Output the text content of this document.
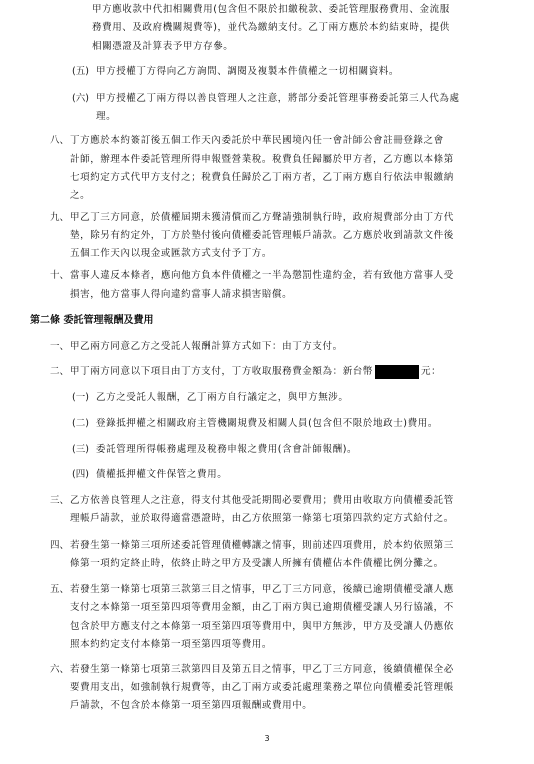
甲方應收款中代扣相關費用(包含但不限於扣繳稅款、委託管理服務費用、金流服
務費用、及政府機關規費等)，並代為繳納支付。乙丁兩方應於本約結束時，提供
相關憑證及計算表予甲方存參。
(五) 甲方授權丁方得向乙方詢問、調閱及複製本件債權之一切相關資料。
(六) 甲方授權乙丁兩方得以善良管理人之注意，將部分委託管理事務委託第三人代為處
理。
八、 丁方應於本約簽訂後五個工作天內委託於中華民國境內任一會計師公會註冊登錄之會
計師，辦理本件委託管理所得申報暨營業稅。稅費負任歸屬於甲方者，乙方應以本條第
七項約定方式代甲方支付之；稅費負任歸於乙丁兩方者，乙丁兩方應自行依法申報繳納
之。
九、 甲乙丁三方同意，於債權屆期未獲清償而乙方聲請強制執行時，政府規費部分由丁方代
墊，除另有約定外，丁方於墊付後向債權委託管理帳戶請款。乙方應於收到請款文件後
五個工作天內以現金或匯款方式支付予丁方。
十、 當事人違反本條者，應向他方負本件債權之一半為懲罰性違約金，若有致他方當事人受
損害，他方當事人得向違約當事人請求損害賠償。
第二條 委託管理報酬及費用
一、 甲乙兩方同意乙方之受託人報酬計算方式如下：由丁方支付。
二、 甲丁兩方同意以下項目由丁方支付，丁方收取服務費金額為：新台幣	元：
(一) 乙方之受託人報酬，乙丁兩方自行議定之，與甲方無涉。
(二) 登錄抵押權之相關政府主管機關規費及相關人員(包含但不限於地政士)費用。
(三) 委託管理所得帳務處理及稅務申報之費用(含會計師報酬)。
(四) 債權抵押權文件保管之費用。
三、 乙方依善良管理人之注意，得支付其他受託期間必要費用；費用由收取方向債權委託管
理帳戶請款，並於取得適當憑證時，由乙方依照第一條第七項第四款約定方式給付之。
四、 若發生第一條第三項所述委託管理債權轉讓之情事，則前述四項費用，於本約依照第三
條第一項約定終止時，依終止時之甲方及受讓人所擁有債權佔本件債權比例分攤之。
五、 若發生第一條第七項第三款第三目之情事，甲乙丁三方同意，後續已逾期債權受讓人應
支付之本條第一項至第四項等費用金額，由乙丁兩方與已逾期債權受讓人另行協議，不
包含於甲方應支付之本條第一項至第四項等費用中，與甲方無涉，甲方及受讓人仍應依
照本約約定支付本條第一項至第四項等費用。
六、 若發生第一條第七項第三款第四目及第五目之情事，甲乙丁三方同意，後續債權保全必
要費用支出，如強制執行規費等，由乙丁兩方或委託處理業務之單位向債權委託管理帳
戶請款，不包含於本條第一項至第四項報酬或費用中。
3
